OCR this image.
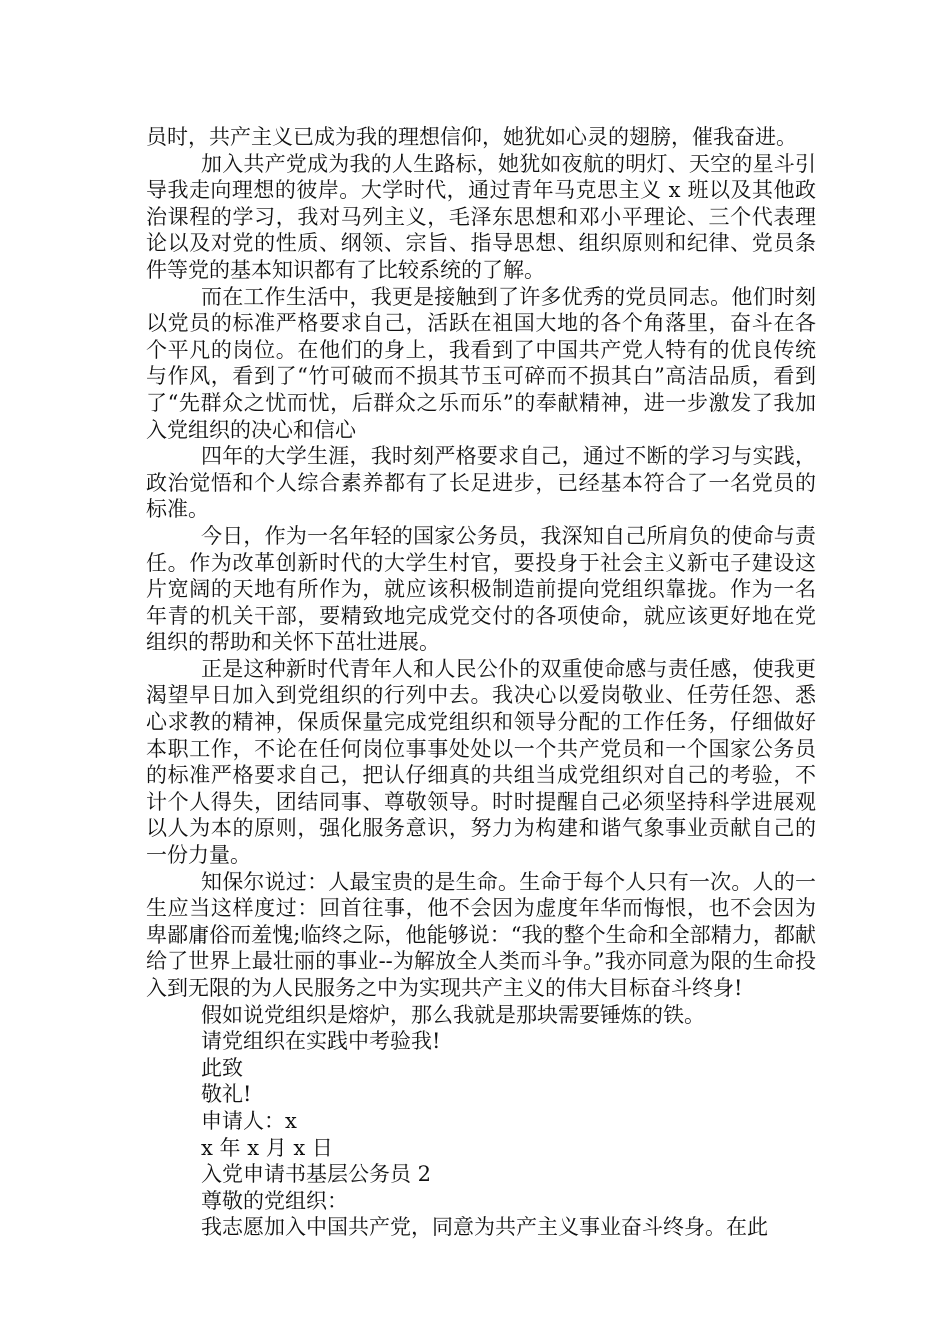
员时，共产主义已成为我的理想信仰，她犹如心灵的翅膀，催我奋进。

加入共产党成为我的人生路标，她犹如夜航的明灯、天空的星斗引导我走向理想的彼岸。大学时代，通过青年马克思主义 x 班以及其他政治课程的学习，我对马列主义，毛泽东思想和邓小平理论、三个代表理论以及对党的性质、纲领、宗旨、指导思想、组织原则和纪律、党员条件等党的基本知识都有了比较系统的了解。

而在工作生活中，我更是接触到了许多优秀的党员同志。他们时刻以党员的标准严格要求自己，活跃在祖国大地的各个角落里，奋斗在各个平凡的岗位。在他们的身上，我看到了中国共产党人特有的优良传统与作风，看到了“竹可破而不损其节玉可碎而不损其白”高洁品质，看到了“先群众之忧而忧，后群众之乐而乐”的奉献精神，进一步激发了我加入党组织的决心和信心

四年的大学生涯，我时刻严格要求自己，通过不断的学习与实践，政治觉悟和个人综合素养都有了长足进步，已经基本符合了一名党员的标准。

今日，作为一名年轻的国家公务员，我深知自己所肩负的使命与责任。作为改革创新时代的大学生村官，要投身于社会主义新屯子建设这片宽阔的天地有所作为，就应该积极制造前提向党组织靠拢。作为一名年青的机关干部，要精致地完成党交付的各项使命，就应该更好地在党组织的帮助和关怀下茁壮进展。

正是这种新时代青年人和人民公仆的双重使命感与责任感，使我更渴望早日加入到党组织的行列中去。我决心以爱岗敬业、任劳任怨、悉心求教的精神，保质保量完成党组织和领导分配的工作任务，仔细做好本职工作，不论在任何岗位事事处处以一个共产党员和一个国家公务员的标准严格要求自己，把认仔细真的共组当成党组织对自己的考验，不计个人得失，团结同事、尊敬领导。时时提醒自己必须坚持科学进展观以人为本的原则，强化服务意识，努力为构建和谐气象事业贡献自己的一份力量。

知保尔说过：人最宝贵的是生命。生命于每个人只有一次。人的一生应当这样度过：回首往事，他不会因为虚度年华而悔恨，也不会因为卑鄙庸俗而羞愧;临终之际，他能够说：“我的整个生命和全部精力，都献给了世界上最壮丽的事业--为解放全人类而斗争。”我亦同意为限的生命投入到无限的为人民服务之中为实现共产主义的伟大目标奋斗终身!

假如说党组织是熔炉，那么我就是那块需要锤炼的铁。

请党组织在实践中考验我!

此致

敬礼!

申请人：x

x 年 x 月 x 日

入党申请书基层公务员 2

尊敬的党组织：

我志愿加入中国共产党，同意为共产主义事业奋斗终身。在此
